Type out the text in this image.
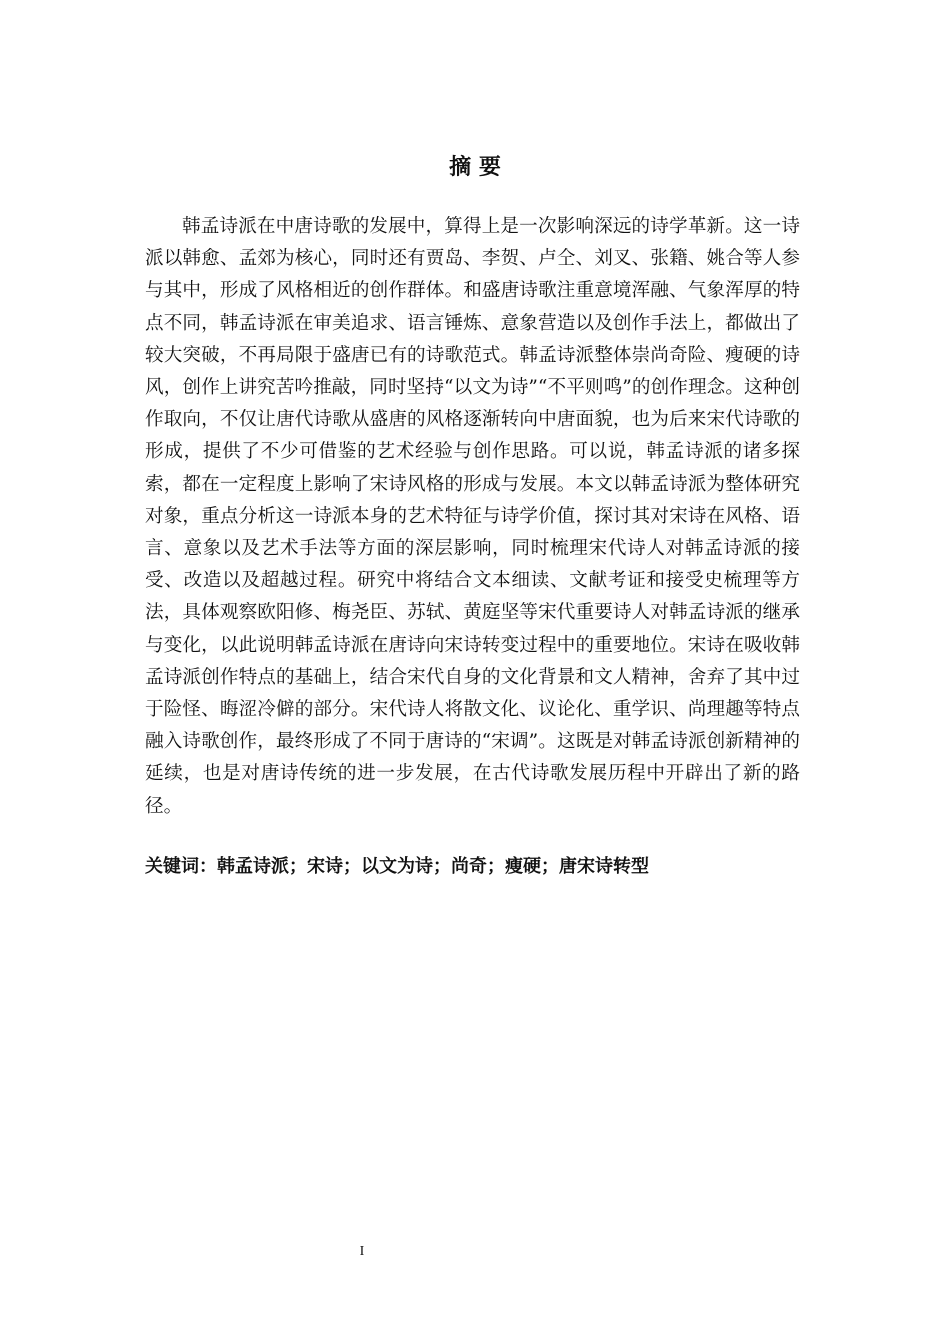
摘 要

韩孟诗派在中唐诗歌的发展中，算得上是一次影响深远的诗学革新。这一诗派以韩愈、孟郊为核心，同时还有贾岛、李贺、卢仝、刘叉、张籍、姚合等人参与其中，形成了风格相近的创作群体。和盛唐诗歌注重意境浑融、气象浑厚的特点不同，韩孟诗派在审美追求、语言锤炼、意象营造以及创作手法上，都做出了较大突破，不再局限于盛唐已有的诗歌范式。韩孟诗派整体崇尚奇险、瘦硬的诗风，创作上讲究苦吟推敲，同时坚持“以文为诗”“不平则鸣”的创作理念。这种创作取向，不仅让唐代诗歌从盛唐的风格逐渐转向中唐面貌，也为后来宋代诗歌的形成，提供了不少可借鉴的艺术经验与创作思路。可以说，韩孟诗派的诸多探索，都在一定程度上影响了宋诗风格的形成与发展。本文以韩孟诗派为整体研究对象，重点分析这一诗派本身的艺术特征与诗学价值，探讨其对宋诗在风格、语言、意象以及艺术手法等方面的深层影响，同时梳理宋代诗人对韩孟诗派的接受、改造以及超越过程。研究中将结合文本细读、文献考证和接受史梳理等方法，具体观察欧阳修、梅尧臣、苏轼、黄庭坚等宋代重要诗人对韩孟诗派的继承与变化，以此说明韩孟诗派在唐诗向宋诗转变过程中的重要地位。宋诗在吸收韩孟诗派创作特点的基础上，结合宋代自身的文化背景和文人精神，舍弃了其中过于险怪、晦涩冷僻的部分。宋代诗人将散文化、议论化、重学识、尚理趣等特点融入诗歌创作，最终形成了不同于唐诗的“宋调”。这既是对韩孟诗派创新精神的延续，也是对唐诗传统的进一步发展，在古代诗歌发展历程中开辟出了新的路径。

关键词：韩孟诗派；宋诗；以文为诗；尚奇；瘦硬；唐宋诗转型

I
